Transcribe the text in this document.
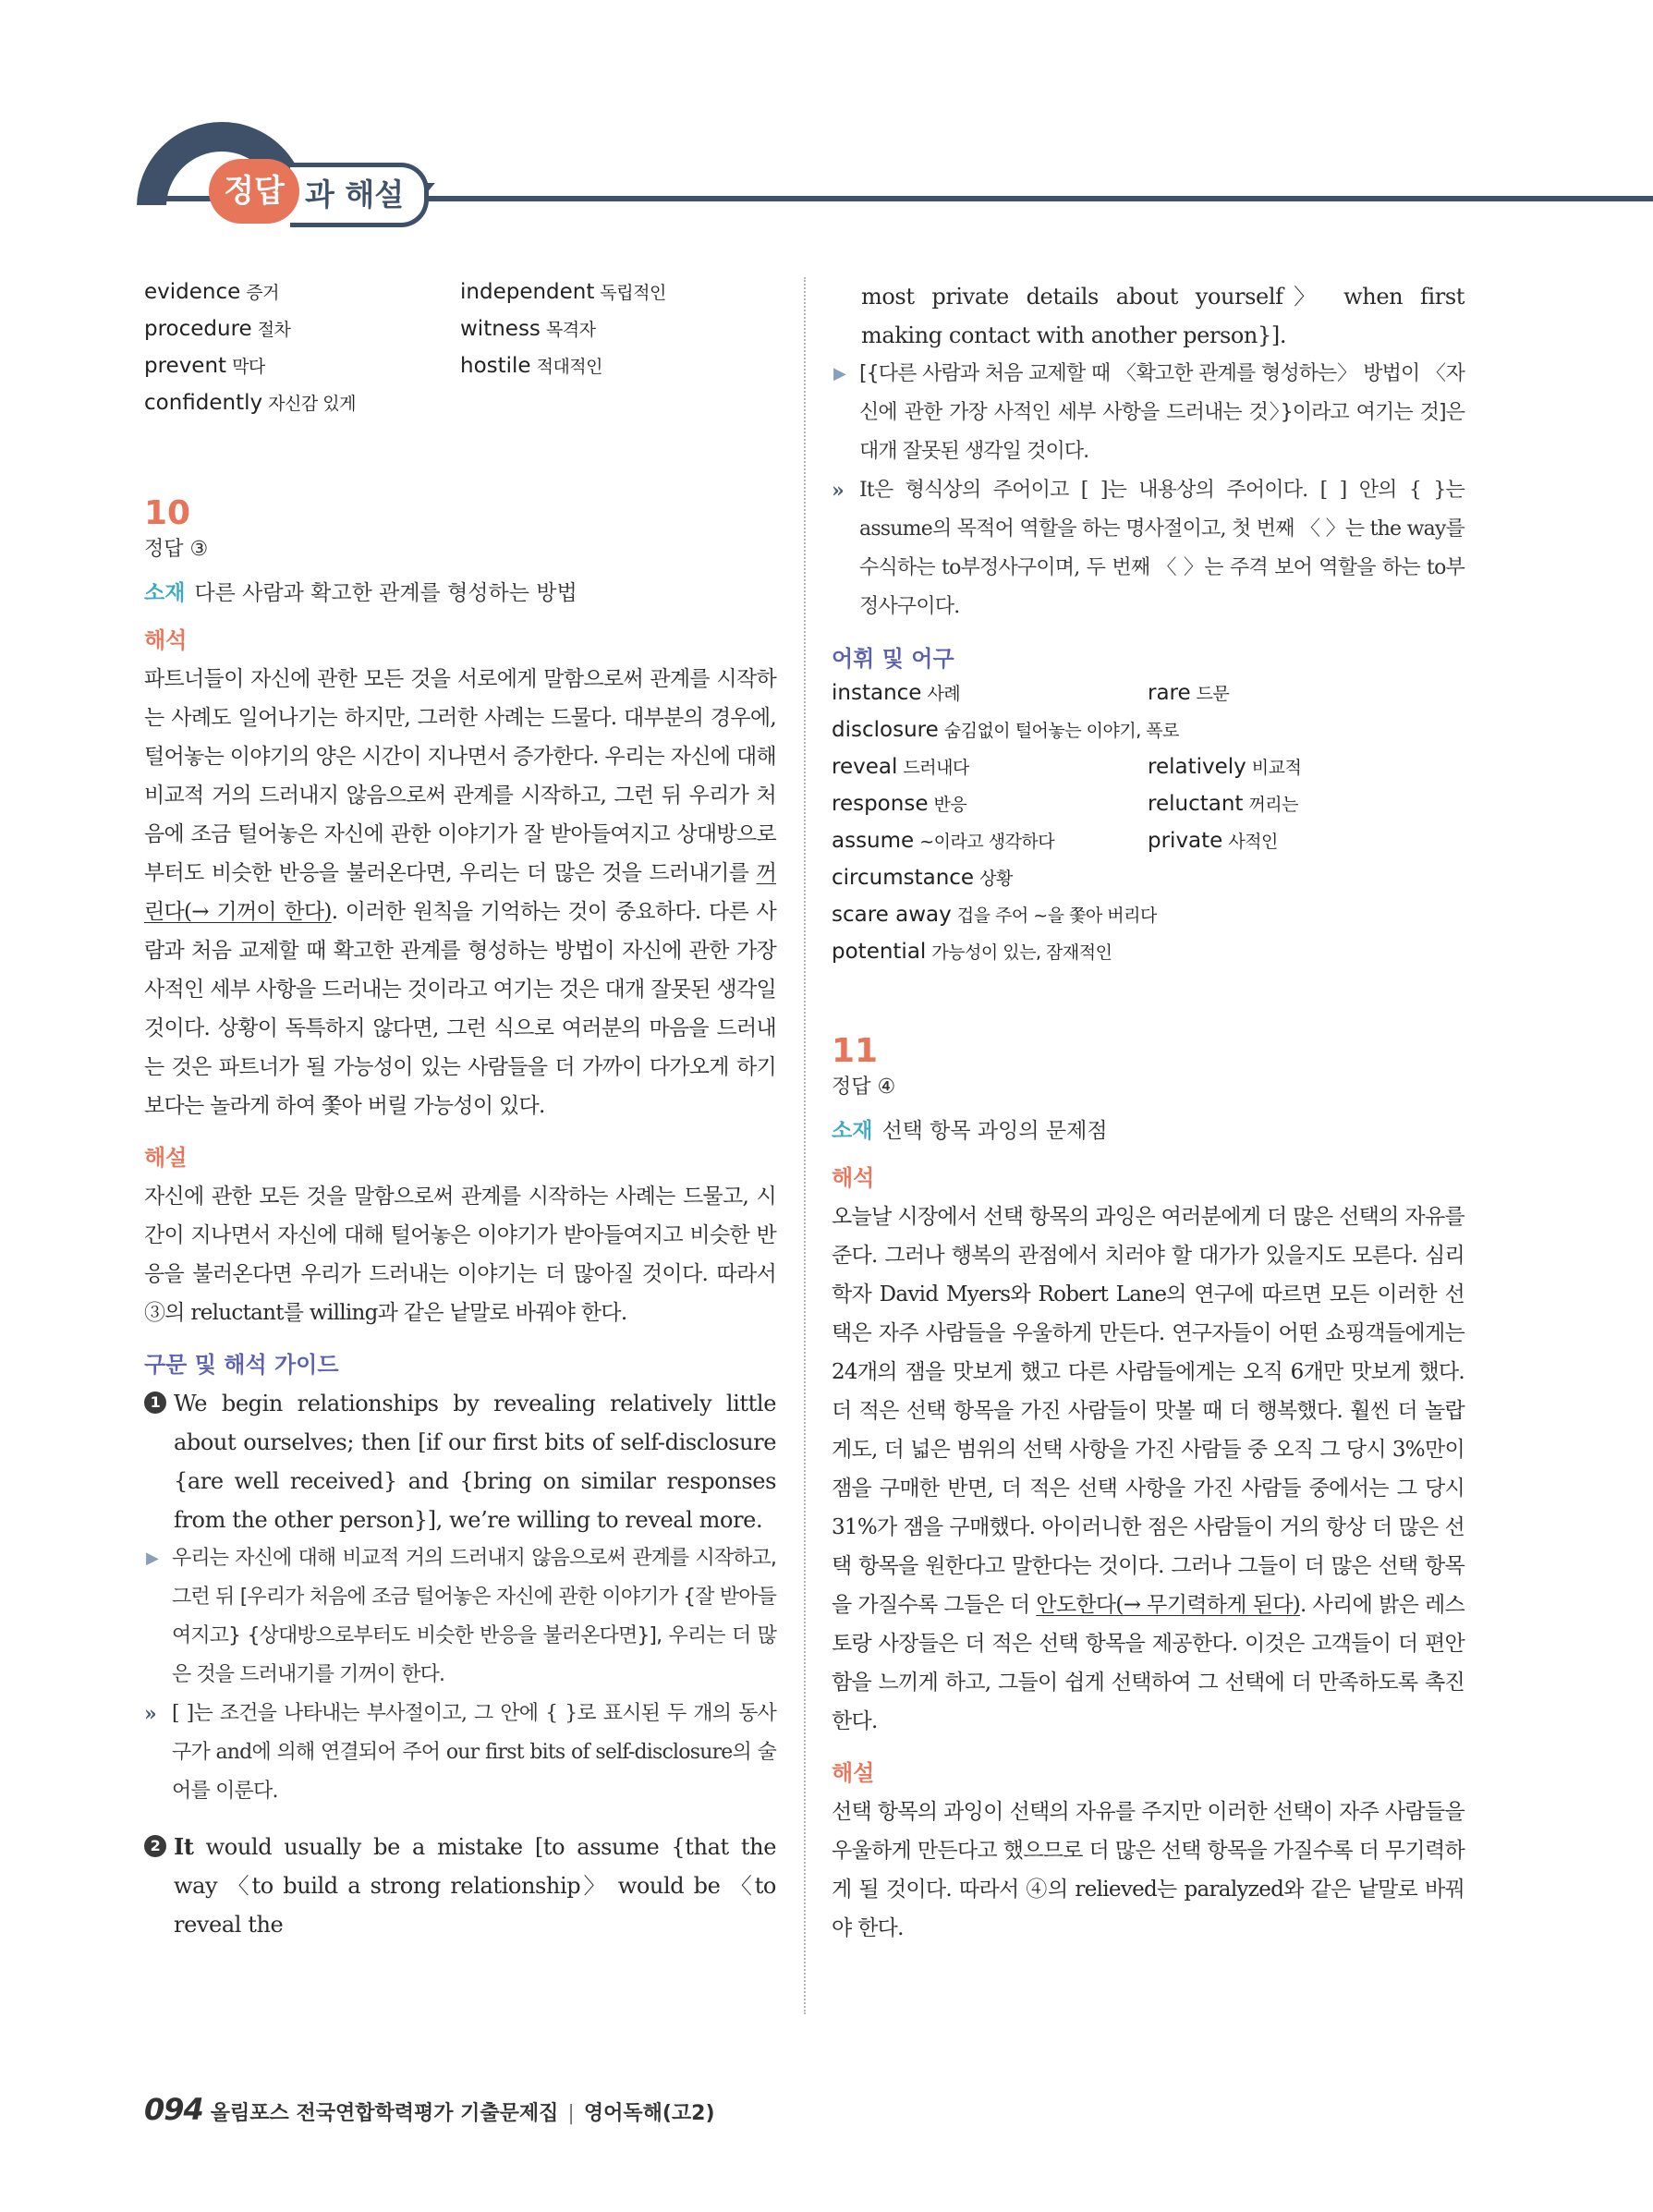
과 해설
정답
evidence 증거	independent 독립적인
procedure 절차	witness 목격자
prevent 막다	hostile 적대적인
confidently 자신감 있게
10
정답 ③
소재 다른 사람과 확고한 관계를 형성하는 방법
해석

파트너들이 자신에 관한 모든 것을 서로에게 말함으로써 관계를 시작하는 사례도 일어나기는 하지만, 그러한 사례는 드물다. 대부분의 경우에, 털어놓는 이야기의 양은 시간이 지나면서 증가한다. 우리는 자신에 대해 비교적 거의 드러내지 않음으로써 관계를 시작하고, 그런 뒤 우리가 처음에 조금 털어놓은 자신에 관한 이야기가 잘 받아들여지고 상대방으로부터도 비슷한 반응을 불러온다면, 우리는 더 많은 것을 드러내기를 꺼린다(→ 기꺼이 한다). 이러한 원칙을 기억하는 것이 중요하다. 다른 사람과 처음 교제할 때 확고한 관계를 형성하는 방법이 자신에 관한 가장 사적인 세부 사항을 드러내는 것이라고 여기는 것은 대개 잘못된 생각일 것이다. 상황이 독특하지 않다면, 그런 식으로 여러분의 마음을 드러내는 것은 파트너가 될 가능성이 있는 사람들을 더 가까이 다가오게 하기보다는 놀라게 하여 쫓아 버릴 가능성이 있다.

해설

자신에 관한 모든 것을 말함으로써 관계를 시작하는 사례는 드물고, 시간이 지나면서 자신에 대해 털어놓은 이야기가 받아들여지고 비슷한 반응을 불러온다면 우리가 드러내는 이야기는 더 많아질 것이다. 따라서 ③의 reluctant를 willing과 같은 낱말로 바꿔야 한다.

구문 및 해석 가이드
1 We begin relationships by revealing relatively little about ourselves; then [if our first bits of self-disclosure {are well received} and {bring on similar responses from the other person}], we’re willing to reveal more.
▶ 우리는 자신에 대해 비교적 거의 드러내지 않음으로써 관계를 시작하고, 그런 뒤 [우리가 처음에 조금 털어놓은 자신에 관한 이야기가 {잘 받아들여지고} {상대방으로부터도 비슷한 반응을 불러온다면}], 우리는 더 많은 것을 드러내기를 기꺼이 한다.
» [ ]는 조건을 나타내는 부사절이고, 그 안에 { }로 표시된 두 개의 동사구가 and에 의해 연결되어 주어 our first bits of self-disclosure의 술어를 이룬다.
2 It would usually be a mistake [to assume {that the way 〈to build a strong relationship〉 would be 〈to reveal the
most private details about yourself〉 when first making contact with another person}].
▶ [{다른 사람과 처음 교제할 때 〈확고한 관계를 형성하는〉 방법이 〈자신에 관한 가장 사적인 세부 사항을 드러내는 것〉}이라고 여기는 것]은 대개 잘못된 생각일 것이다.
» It은 형식상의 주어이고 [ ]는 내용상의 주어이다. [ ] 안의 { }는 assume의 목적어 역할을 하는 명사절이고, 첫 번째 〈 〉는 the way를 수식하는 to부정사구이며, 두 번째 〈 〉는 주격 보어 역할을 하는 to부정사구이다.
어휘 및 어구
instance 사례	rare 드문
disclosure 숨김없이 털어놓는 이야기, 폭로
reveal 드러내다	relatively 비교적
response 반응	reluctant 꺼리는
assume ~이라고 생각하다	private 사적인
circumstance 상황
scare away 겁을 주어 ~을 쫓아 버리다
potential 가능성이 있는, 잠재적인
11
정답 ④
소재 선택 항목 과잉의 문제점
해석

오늘날 시장에서 선택 항목의 과잉은 여러분에게 더 많은 선택의 자유를 준다. 그러나 행복의 관점에서 치러야 할 대가가 있을지도 모른다. 심리학자 David Myers와 Robert Lane의 연구에 따르면 모든 이러한 선택은 자주 사람들을 우울하게 만든다. 연구자들이 어떤 쇼핑객들에게는 24개의 잼을 맛보게 했고 다른 사람들에게는 오직 6개만 맛보게 했다. 더 적은 선택 항목을 가진 사람들이 맛볼 때 더 행복했다. 훨씬 더 놀랍게도, 더 넓은 범위의 선택 사항을 가진 사람들 중 오직 그 당시 3%만이 잼을 구매한 반면, 더 적은 선택 사항을 가진 사람들 중에서는 그 당시 31%가 잼을 구매했다. 아이러니한 점은 사람들이 거의 항상 더 많은 선택 항목을 원한다고 말한다는 것이다. 그러나 그들이 더 많은 선택 항목을 가질수록 그들은 더 안도한다(→ 무기력하게 된다). 사리에 밝은 레스토랑 사장들은 더 적은 선택 항목을 제공한다. 이것은 고객들이 더 편안함을 느끼게 하고, 그들이 쉽게 선택하여 그 선택에 더 만족하도록 촉진한다.

해설

선택 항목의 과잉이 선택의 자유를 주지만 이러한 선택이 자주 사람들을 우울하게 만든다고 했으므로 더 많은 선택 항목을 가질수록 더 무기력하게 될 것이다. 따라서 ④의 relieved는 paralyzed와 같은 낱말로 바꿔야 한다.

094 올림포스 전국연합학력평가 기출문제집 | 영어독해(고2)
